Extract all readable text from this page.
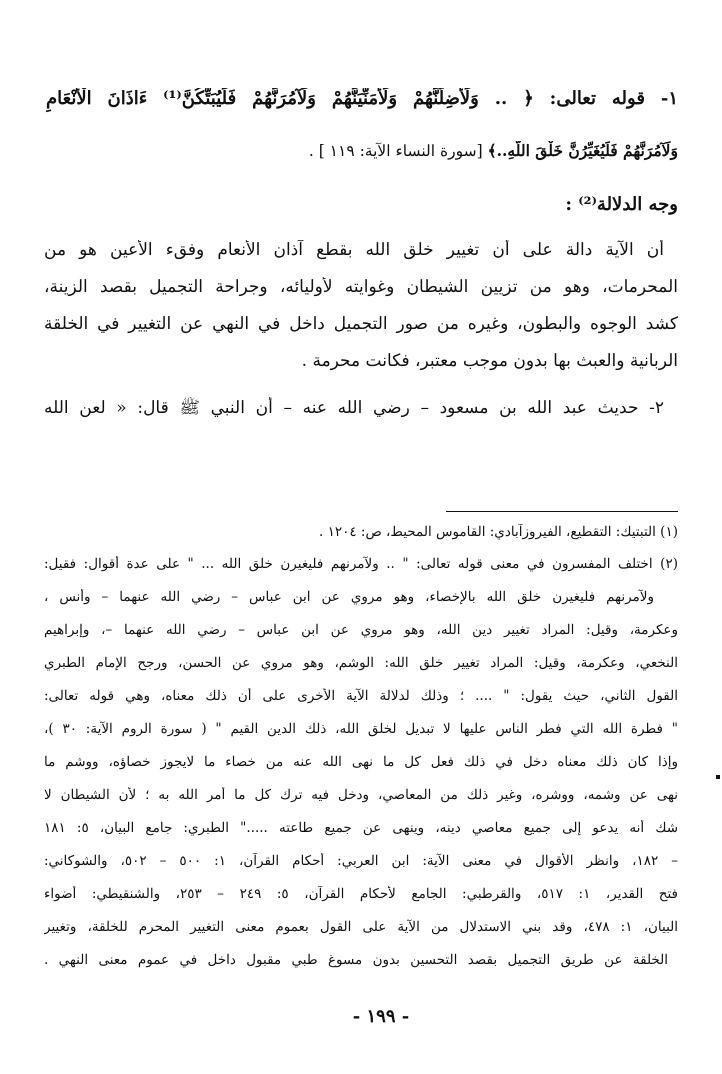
١- قوله تعالى: ﴿ .. وَلَأُضِلَّنَّهُمْ وَلَأُمَنِّيَنَّهُمْ وَلَآمُرَنَّهُمْ فَلَيُبَتِّكُنَّ⁽¹⁾ ءَاذَانَ الْأَنْعَامِ
وَلَآمُرَنَّهُمْ فَلَيُغَيِّرُنَّ خَلْقَ اللَّهِ..﴾ [سورة النساء الآية: ١١٩ ] .
وجه الدلالة⁽²⁾ :
أن الآية دالة على أن تغيير خلق الله بقطع آذان الأنعام وفقء الأعين هو من
المحرمات، وهو من تزيين الشيطان وغوايته لأوليائه، وجراحة التجميل بقصد الزينة،
كشد الوجوه والبطون، وغيره من صور التجميل داخل في النهي عن التغيير في الخلقة
الربانية والعبث بها بدون موجب معتبر، فكانت محرمة .
٢- حديث عبد الله بن مسعود – رضي الله عنه – أن النبي ﷺ قال: « لعن الله
(١) التبتيك: التقطيع، الفيروزآبادي: القاموس المحيط، ص: ١٢٠٤ .
(٢) اختلف المفسرون في معنى قوله تعالى: " .. ولآمرنهم فليغيرن خلق الله ... " على عدة أقوال: فقيل:
ولآمرنهم فليغيرن خلق الله بالإخصاء، وهو مروي عن ابن عباس – رضي الله عنهما – وأنس ،
وعكرمة، وقيل: المراد تغيير دين الله، وهو مروي عن ابن عباس – رضي الله عنهما –، وإبراهيم
النخعي، وعكرمة، وقيل: المراد تغيير خلق الله: الوشم، وهو مروي عن الحسن، ورجح الإمام الطبري
القول الثاني، حيث يقول: " .... ؛ وذلك لدلالة الآية الأخرى على أن ذلك معناه، وهي قوله تعالى:
" فطرة الله التي فطر الناس عليها لا تبديل لخلق الله، ذلك الدين القيم " ( سورة الروم الآية: ٣٠ )،
وإذا كان ذلك معناه دخل في ذلك فعل كل ما نهى الله عنه من خصاء ما لايجوز خصاؤه، ووشم ما
نهى عن وشمه، ووشره، وغير ذلك من المعاصي، ودخل فيه ترك كل ما أمر الله به ؛ لأن الشيطان لا
شك أنه يدعو إلى جميع معاصي دينه، وينهى عن جميع طاعته ....." الطبري: جامع البيان، ٥: ١٨١
– ١٨٢، وانظر الأقوال في معنى الآية: ابن العربي: أحكام القرآن، ١: ٥٠٠ – ٥٠٢، والشوكاني:
فتح القدير، ١: ٥١٧، والقرطبي: الجامع لأحكام القرآن، ٥: ٢٤٩ – ٢٥٣، والشنقيطي: أضواء
البيان، ١: ٤٧٨، وقد بني الاستدلال من الآية على القول بعموم معنى التغيير المحرم للخلقة، وتغيير
الخلقة عن طريق التجميل بقصد التحسين بدون مسوغ طبي مقبول داخل في عموم معنى النهي .
- ١٩٩ -
